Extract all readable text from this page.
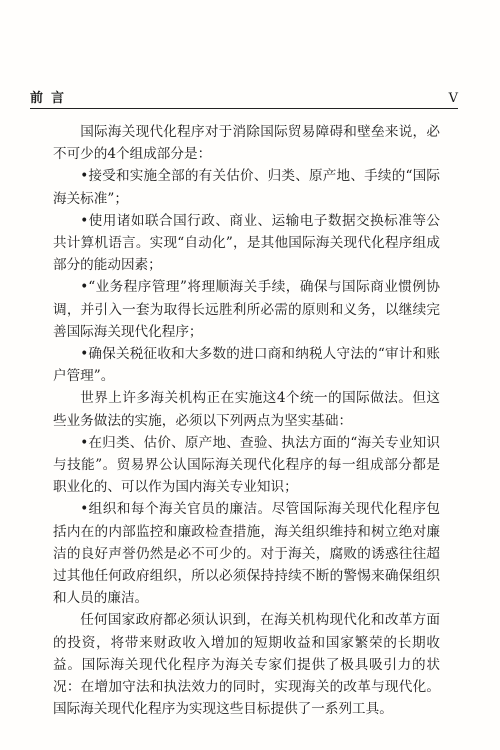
前言	V

国际海关现代化程序对于消除国际贸易障碍和壁垒来说，必不可少的4个组成部分是：

•接受和实施全部的有关估价、归类、原产地、手续的“国际海关标准”；

•使用诸如联合国行政、商业、运输电子数据交换标准等公共计算机语言。实现“自动化”，是其他国际海关现代化程序组成部分的能动因素；

•“业务程序管理”将理顺海关手续，确保与国际商业惯例协调，并引入一套为取得长远胜利所必需的原则和义务，以继续完善国际海关现代化程序；

•确保关税征收和大多数的进口商和纳税人守法的“审计和账户管理”。

世界上许多海关机构正在实施这4个统一的国际做法。但这些业务做法的实施，必须以下列两点为坚实基础：

•在归类、估价、原产地、查验、执法方面的“海关专业知识与技能”。贸易界公认国际海关现代化程序的每一组成部分都是职业化的、可以作为国内海关专业知识；

•组织和每个海关官员的廉洁。尽管国际海关现代化程序包括内在的内部监控和廉政检查措施，海关组织维持和树立绝对廉洁的良好声誉仍然是必不可少的。对于海关，腐败的诱惑往往超过其他任何政府组织，所以必须保持持续不断的警惕来确保组织和人员的廉洁。

任何国家政府都必须认识到，在海关机构现代化和改革方面的投资，将带来财政收入增加的短期收益和国家繁荣的长期收益。国际海关现代化程序为海关专家们提供了极具吸引力的状况：在增加守法和执法效力的同时，实现海关的改革与现代化。国际海关现代化程序为实现这些目标提供了一系列工具。
